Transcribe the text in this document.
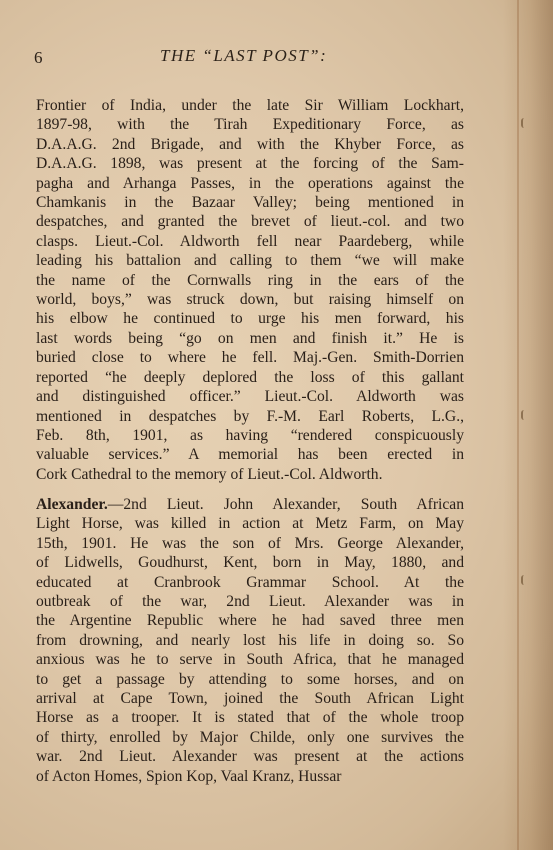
6	THE “LAST POST”:
Frontier of India, under the late Sir William Lockhart,
1897-98, with the Tirah Expeditionary Force, as
D.A.A.G. 2nd Brigade, and with the Khyber Force, as
D.A.A.G. 1898, was present at the forcing of the Sam-
pagha and Arhanga Passes, in the operations against the
Chamkanis in the Bazaar Valley; being mentioned in
despatches, and granted the brevet of lieut.-col. and two
clasps. Lieut.-Col. Aldworth fell near Paardeberg, while
leading his battalion and calling to them “we will make
the name of the Cornwalls ring in the ears of the
world, boys,” was struck down, but raising himself on
his elbow he continued to urge his men forward, his
last words being “go on men and finish it.” He is
buried close to where he fell. Maj.-Gen. Smith-Dorrien
reported “he deeply deplored the loss of this gallant
and distinguished officer.” Lieut.-Col. Aldworth was
mentioned in despatches by F.-M. Earl Roberts, L.G.,
Feb. 8th, 1901, as having “rendered conspicuously
valuable services.” A memorial has been erected in
Cork Cathedral to the memory of Lieut.-Col. Aldworth.
Alexander.—2nd Lieut. John Alexander, South African
Light Horse, was killed in action at Metz Farm, on May
15th, 1901. He was the son of Mrs. George Alexander,
of Lidwells, Goudhurst, Kent, born in May, 1880, and
educated at Cranbrook Grammar School. At the
outbreak of the war, 2nd Lieut. Alexander was in
the Argentine Republic where he had saved three men
from drowning, and nearly lost his life in doing so. So
anxious was he to serve in South Africa, that he managed
to get a passage by attending to some horses, and on
arrival at Cape Town, joined the South African Light
Horse as a trooper. It is stated that of the whole troop
of thirty, enrolled by Major Childe, only one survives the
war. 2nd Lieut. Alexander was present at the actions
of Acton Homes, Spion Kop, Vaal Kranz, Hussar
